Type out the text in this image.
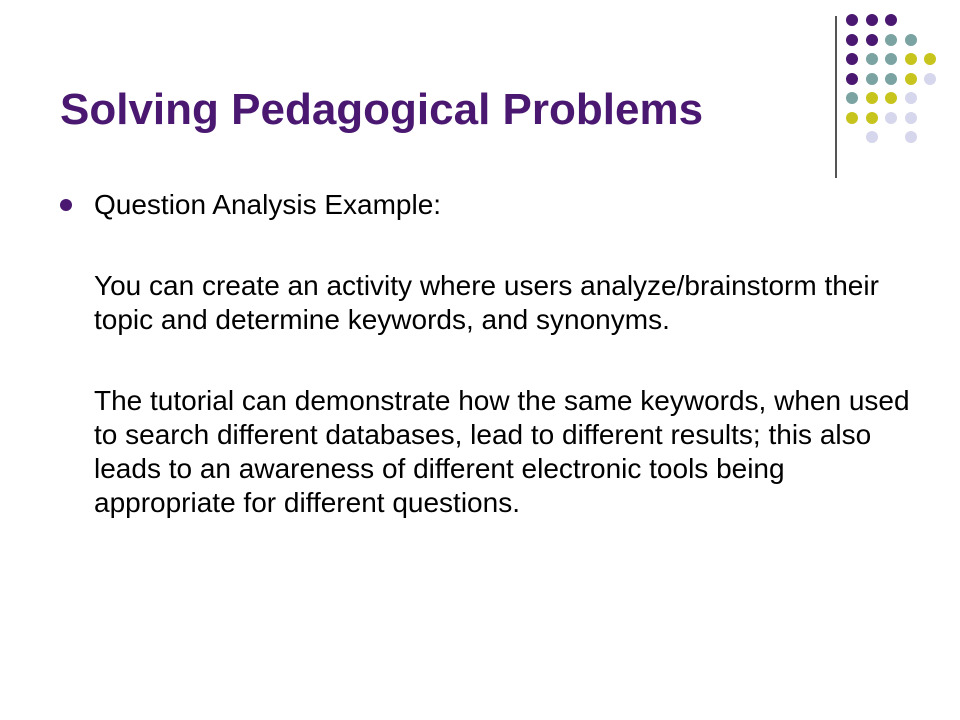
Solving Pedagogical Problems
Question Analysis Example:
You can create an activity where users analyze/brainstorm their topic and determine keywords, and synonyms.
The tutorial can demonstrate how the same keywords, when used to search different databases, lead to different results; this also leads to an awareness of different electronic tools being appropriate for different questions.
